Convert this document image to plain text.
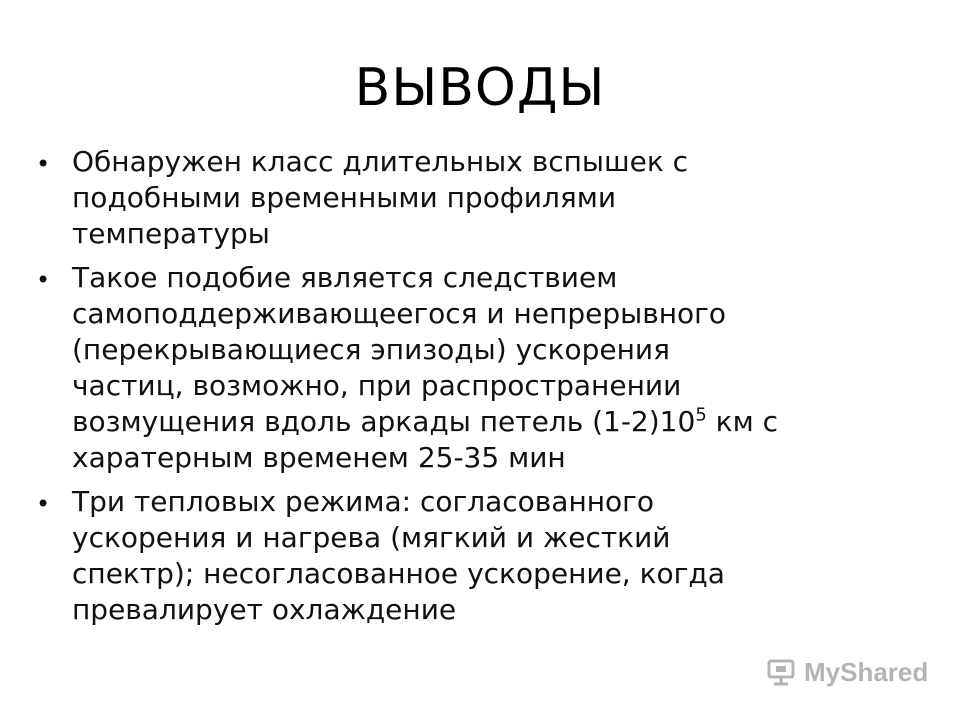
ВЫВОДЫ
• Обнаружен класс длительных вспышек с
подобными временными профилями
температуры
• Такое подобие является следствием
самоподдерживающеегося и непрерывного
(перекрывающиеся эпизоды) ускорения
частиц, возможно, при распространении
возмущения вдоль аркады петель $(1-2)10^5$ км с
харатерным временем 25-35 мин
• Три тепловых режима: согласованного
ускорения и нагрева (мягкий и жесткий
спектр); несогласованное ускорение, когда
превалирует охлаждение
MyShared
